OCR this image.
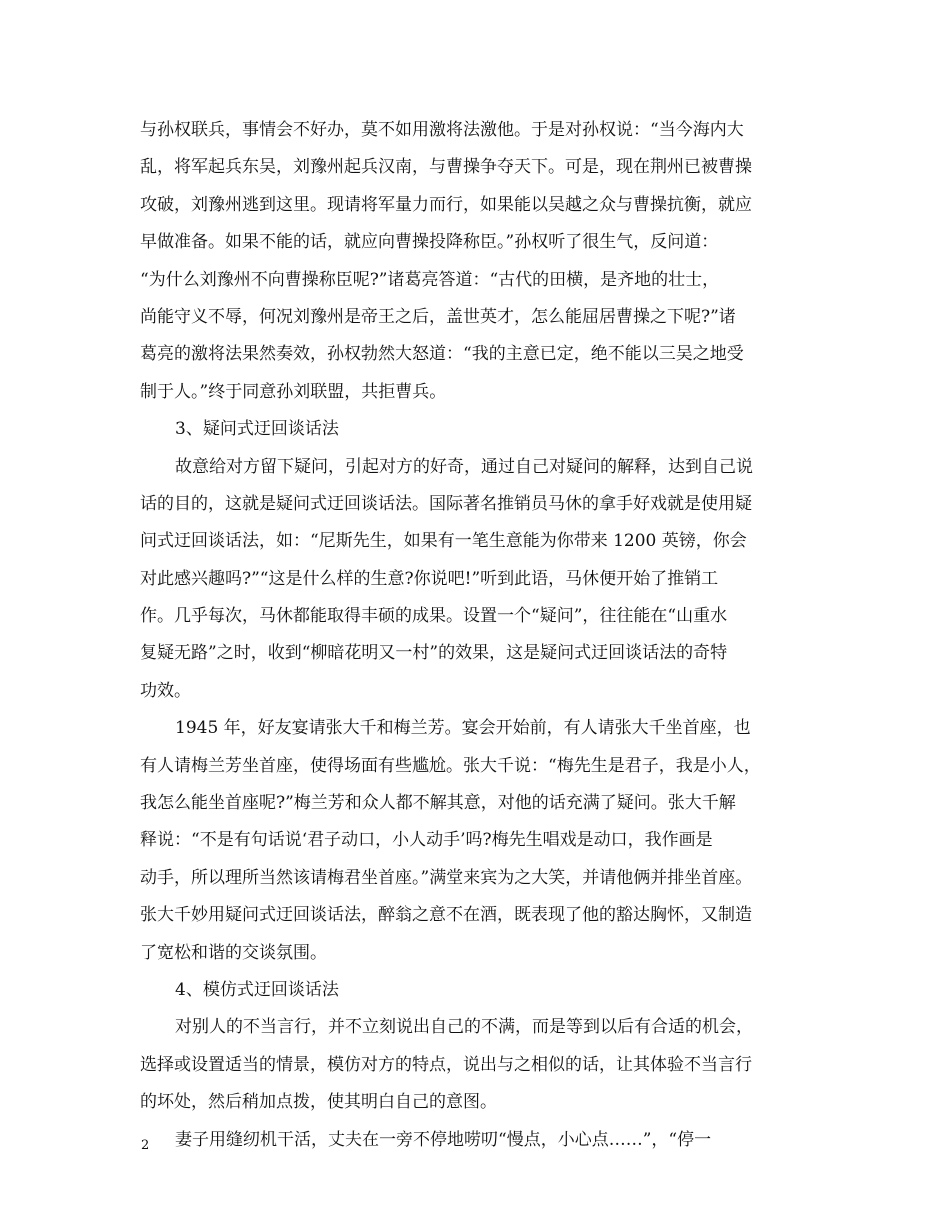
与孙权联兵，事情会不好办，莫不如用激将法激他。于是对孙权说：“当今海内大
乱，将军起兵东吴，刘豫州起兵汉南，与曹操争夺天下。可是，现在荆州已被曹操
攻破，刘豫州逃到这里。现请将军量力而行，如果能以吴越之众与曹操抗衡，就应
早做准备。如果不能的话，就应向曹操投降称臣。”孙权听了很生气，反问道：
“为什么刘豫州不向曹操称臣呢?”诸葛亮答道：“古代的田横，是齐地的壮士，
尚能守义不辱，何况刘豫州是帝王之后，盖世英才，怎么能屈居曹操之下呢?”诸
葛亮的激将法果然奏效，孙权勃然大怒道：“我的主意已定，绝不能以三吴之地受
制于人。”终于同意孙刘联盟，共拒曹兵。
3、疑问式迂回谈话法
故意给对方留下疑问，引起对方的好奇，通过自己对疑问的解释，达到自己说
话的目的，这就是疑问式迂回谈话法。国际著名推销员马休的拿手好戏就是使用疑
问式迂回谈话法，如：“尼斯先生，如果有一笔生意能为你带来 1200 英镑，你会
对此感兴趣吗?”“这是什么样的生意?你说吧!”听到此语，马休便开始了推销工
作。几乎每次，马休都能取得丰硕的成果。设置一个“疑问”，往往能在“山重水
复疑无路”之时，收到“柳暗花明又一村”的效果，这是疑问式迂回谈话法的奇特
功效。
1945 年，好友宴请张大千和梅兰芳。宴会开始前，有人请张大千坐首座，也
有人请梅兰芳坐首座，使得场面有些尴尬。张大千说：“梅先生是君子，我是小人，
我怎么能坐首座呢?”梅兰芳和众人都不解其意，对他的话充满了疑问。张大千解
释说：“不是有句话说‘君子动口，小人动手’吗?梅先生唱戏是动口，我作画是
动手，所以理所当然该请梅君坐首座。”满堂来宾为之大笑，并请他俩并排坐首座。
张大千妙用疑问式迂回谈话法，醉翁之意不在酒，既表现了他的豁达胸怀，又制造
了宽松和谐的交谈氛围。
4、模仿式迂回谈话法
对别人的不当言行，并不立刻说出自己的不满，而是等到以后有合适的机会，
选择或设置适当的情景，模仿对方的特点，说出与之相似的话，让其体验不当言行
的坏处，然后稍加点拨，使其明白自己的意图。
妻子用缝纫机干活，丈夫在一旁不停地唠叨“慢点，小心点……”，“停一
2
